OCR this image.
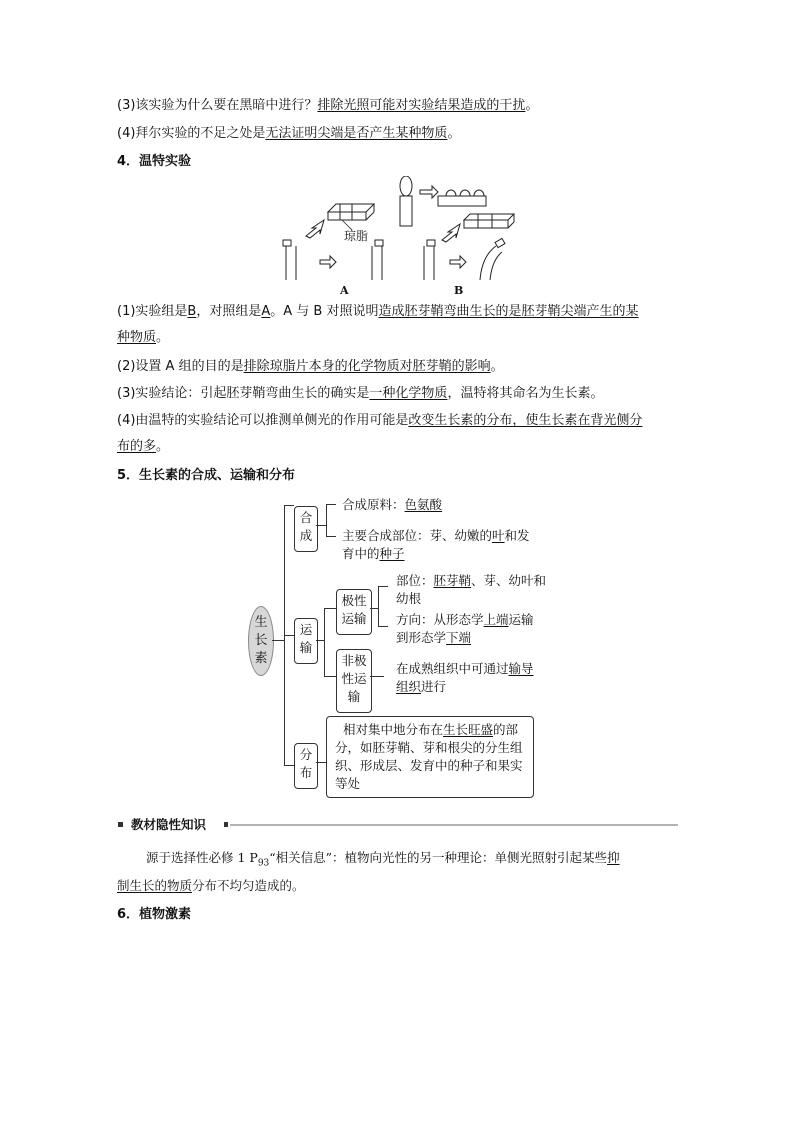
(3)该实验为什么要在黑暗中进行？排除光照可能对实验结果造成的干扰。
(4)拜尔实验的不足之处是无法证明尖端是否产生某种物质。
4．温特实验
琼脂
A	B
(1)实验组是B，对照组是A。A 与 B 对照说明造成胚芽鞘弯曲生长的是胚芽鞘尖端产生的某
种物质。
(2)设置 A 组的目的是排除琼脂片本身的化学物质对胚芽鞘的影响。
(3)实验结论：引起胚芽鞘弯曲生长的确实是一种化学物质，温特将其命名为生长素。
(4)由温特的实验结论可以推测单侧光的作用可能是改变生长素的分布，使生长素在背光侧分
布的多。
5．生长素的合成、运输和分布
生
长
素
合
成
合成原料：色氨酸
主要合成部位：芽、幼嫩的叶和发
育中的种子
运
输
极性
运输
部位：胚芽鞘、芽、幼叶和
幼根
方向：从形态学上端运输
到形态学下端
非极
性运
输
在成熟组织中可通过输导
组织进行
分
布
相对集中地分布在生长旺盛的部
分，如胚芽鞘、芽和根尖的分生组
织、形成层、发育中的种子和果实
等处
教材隐性知识
源于选择性必修 1 $P_{93}“$相关信息”：植物向光性的另一种理论：单侧光照射引起某些抑
制生长的物质分布不均匀造成的。
6．植物激素
